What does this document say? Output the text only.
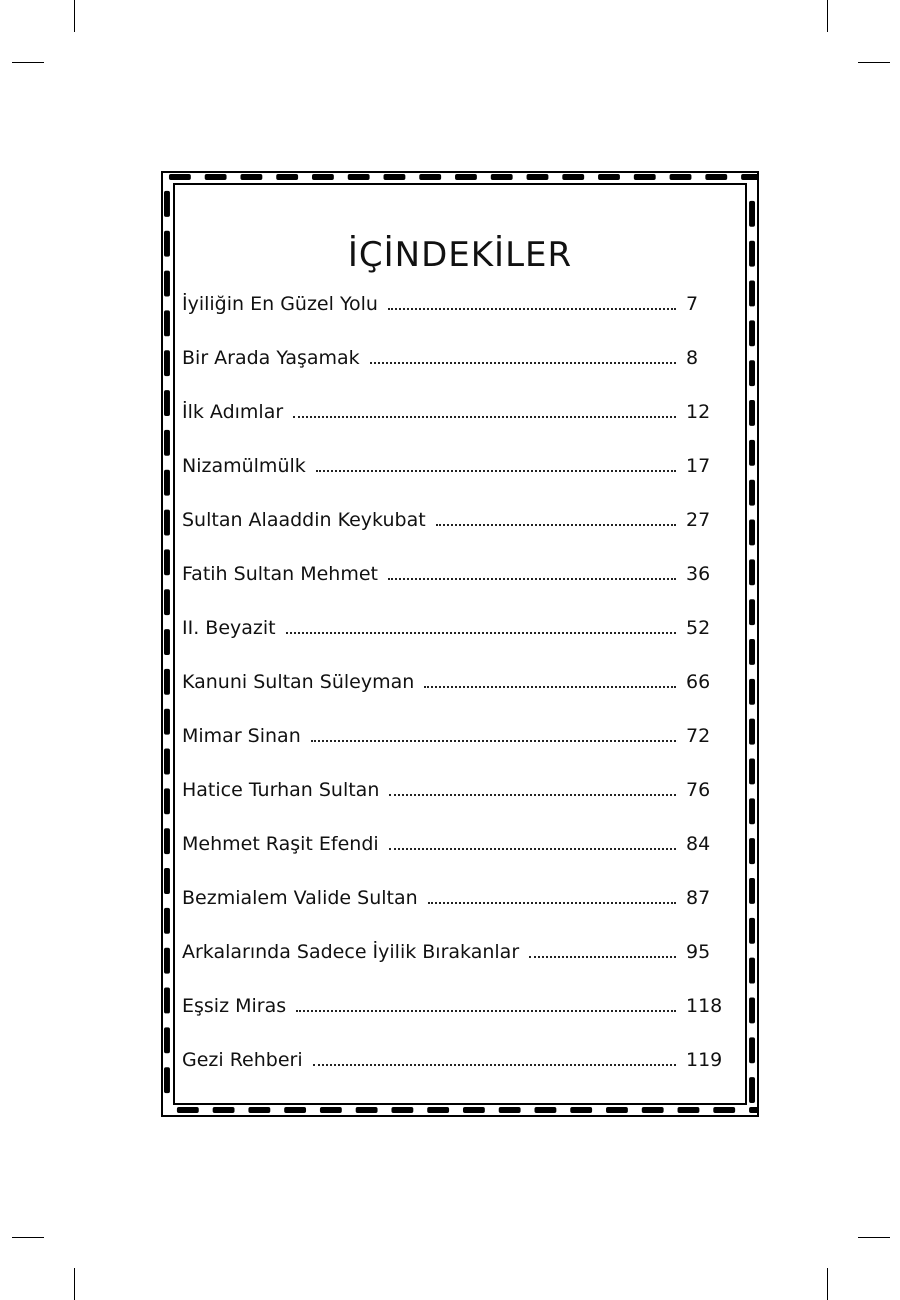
İÇİNDEKİLER
İyiliğin En Güzel Yolu	7
Bir Arada Yaşamak	8
İlk Adımlar	12
Nizamülmülk	17
Sultan Alaaddin Keykubat	27
Fatih Sultan Mehmet	36
II. Beyazit	52
Kanuni Sultan Süleyman	66
Mimar Sinan	72
Hatice Turhan Sultan	76
Mehmet Raşit Efendi	84
Bezmialem Valide Sultan	87
Arkalarında Sadece İyilik Bırakanlar	95
Eşsiz Miras	118
Gezi Rehberi	119
